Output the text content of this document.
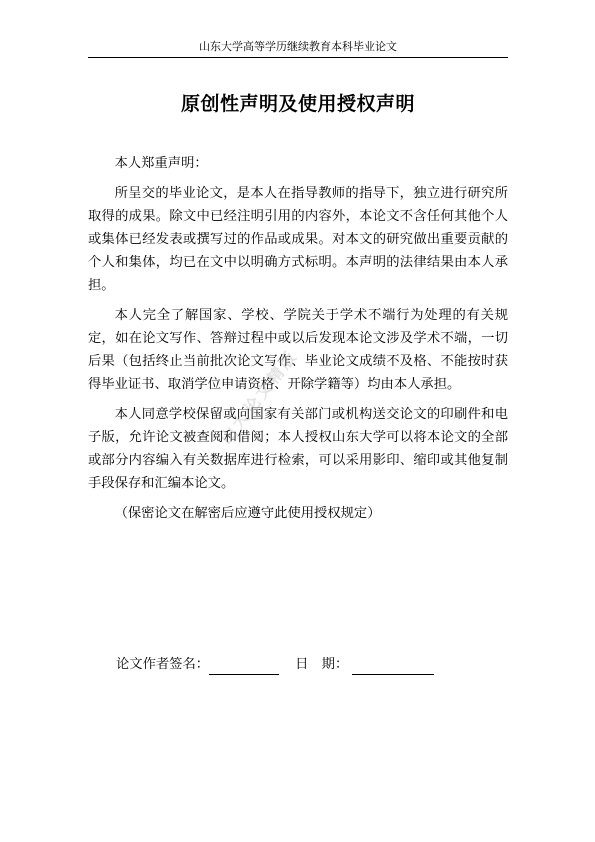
山东大学高等学历继续教育本科毕业论文
原创性声明及使用授权声明

本人郑重声明：

所呈交的毕业论文，是本人在指导教师的指导下，独立进行研究所取得的成果。除文中已经注明引用的内容外，本论文不含任何其他个人或集体已经发表或撰写过的作品或成果。对本文的研究做出重要贡献的个人和集体，均已在文中以明确方式标明。本声明的法律结果由本人承担。

本人完全了解国家、学校、学院关于学术不端行为处理的有关规定，如在论文写作、答辩过程中或以后发现本论文涉及学术不端，一切后果（包括终止当前批次论文写作、毕业论文成绩不及格、不能按时获得毕业证书、取消学位申请资格、开除学籍等）均由本人承担。

本人同意学校保留或向国家有关部门或机构送交论文的印刷件和电子版，允许论文被查阅和借阅；本人授权山东大学可以将本论文的全部或部分内容编入有关数据库进行检索，可以采用影印、缩印或其他复制手段保存和汇编本论文。

（保密论文在解密后应遵守此使用授权规定）

山大论文精版
论文作者签名：	日　期：
